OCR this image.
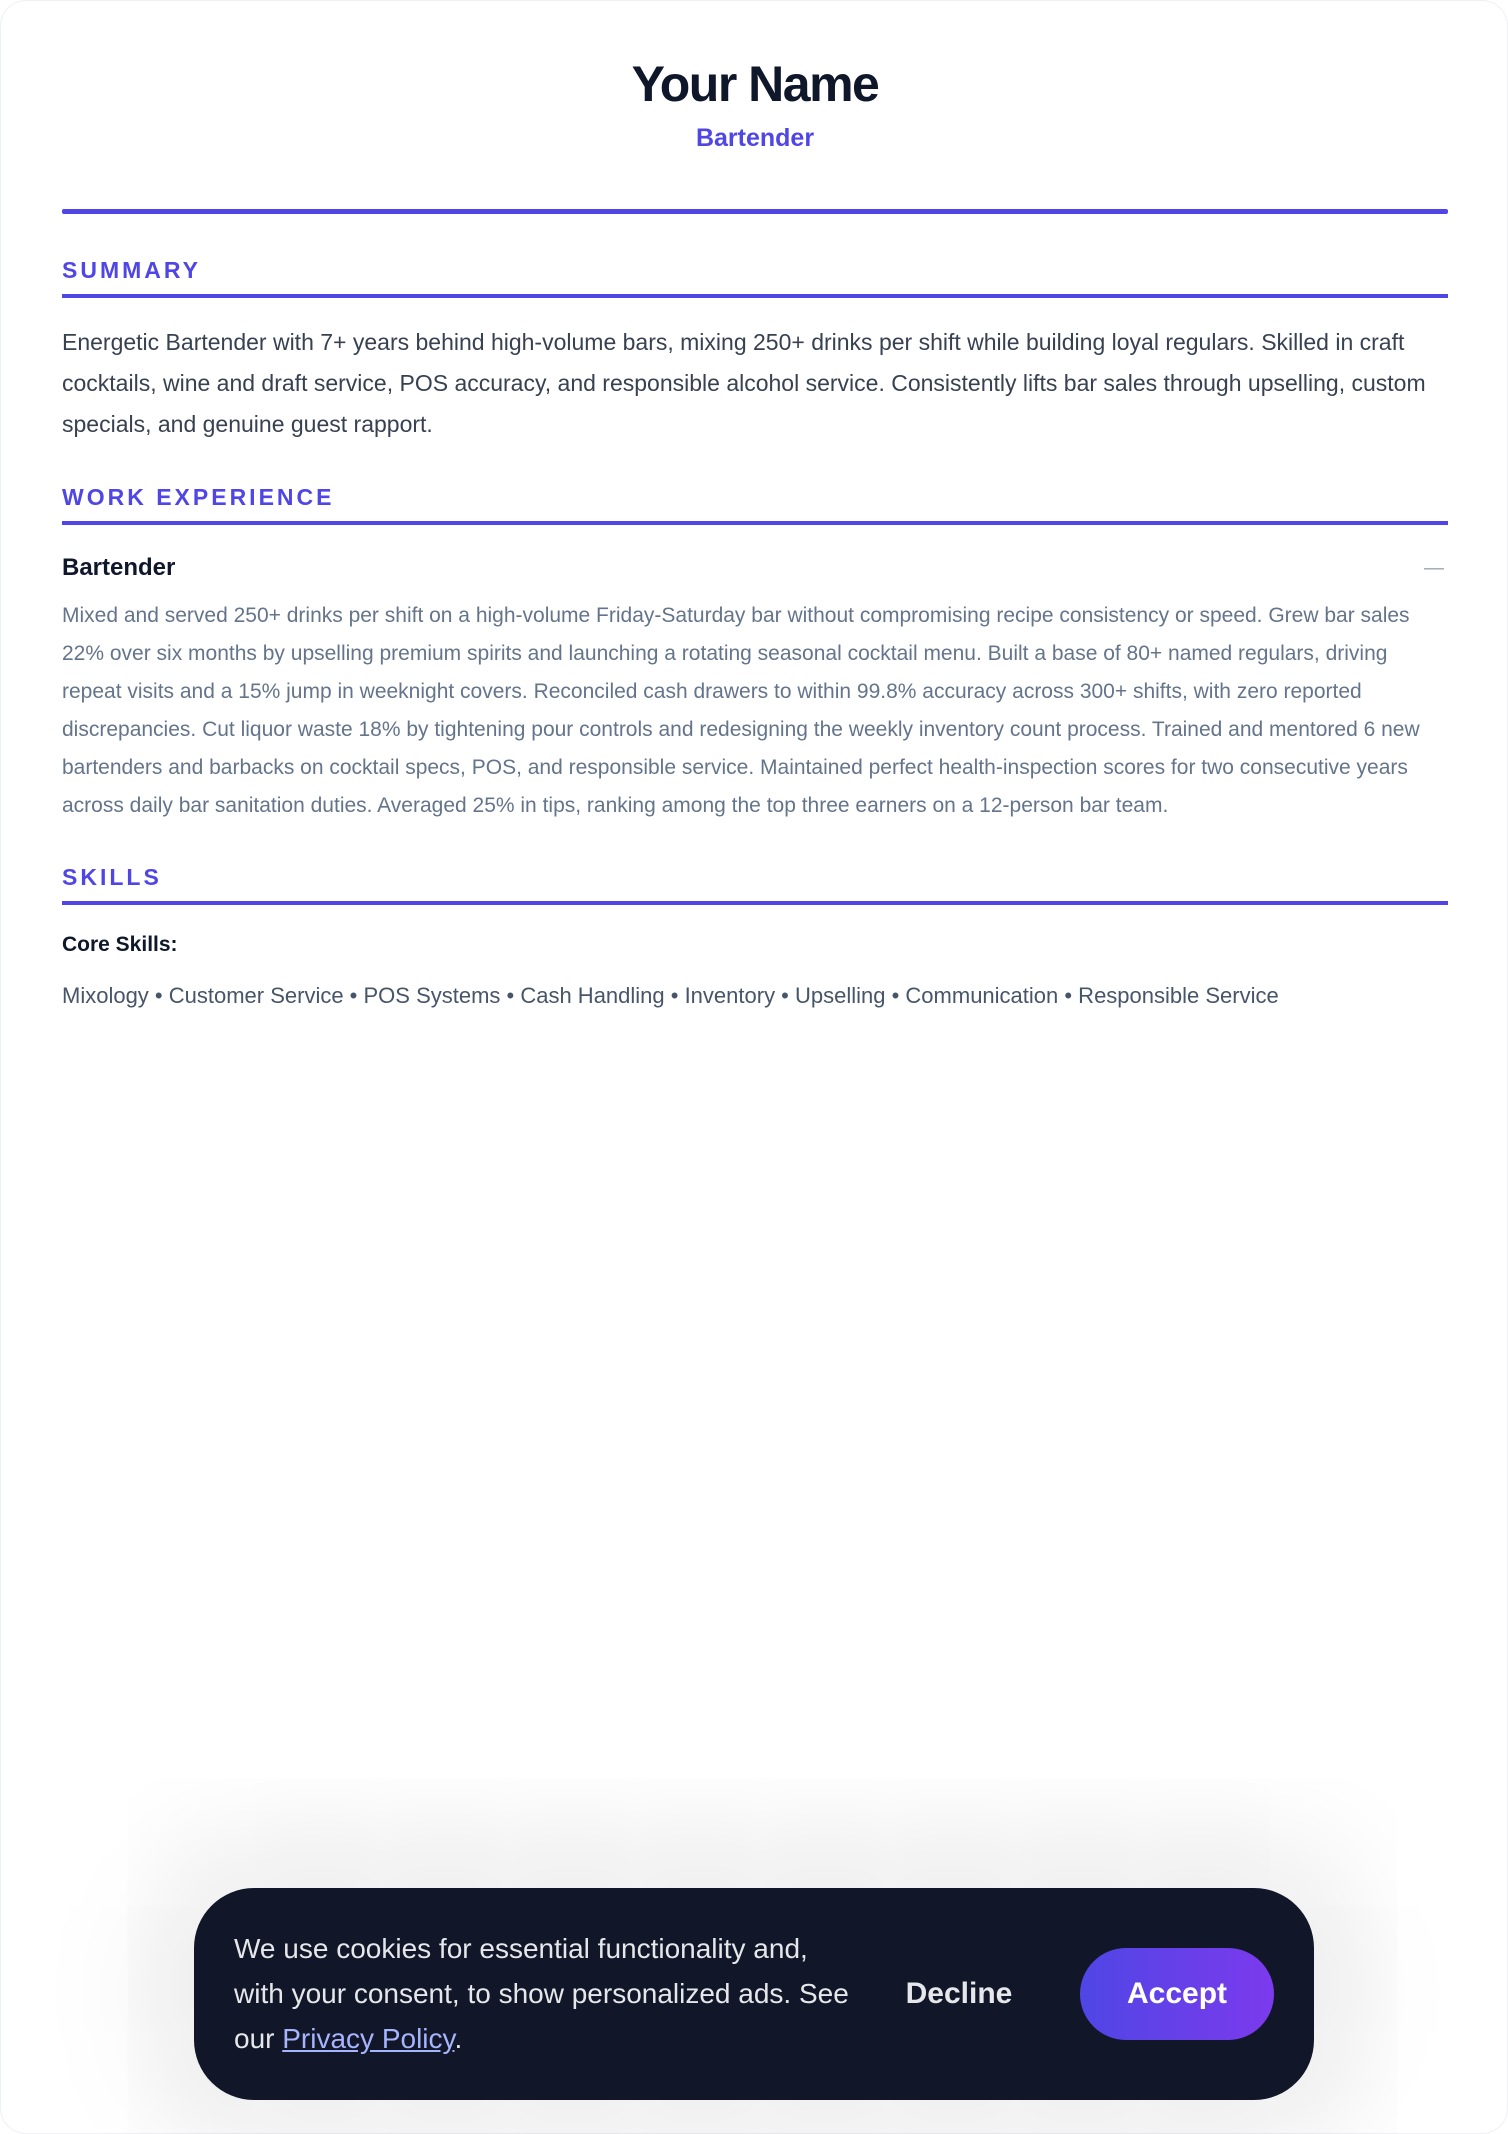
Your Name
Bartender
SUMMARY
Energetic Bartender with 7+ years behind high-volume bars, mixing 250+ drinks per shift while building loyal regulars. Skilled in craft cocktails, wine and draft service, POS accuracy, and responsible alcohol service. Consistently lifts bar sales through upselling, custom specials, and genuine guest rapport.
WORK EXPERIENCE
Bartender	—
Mixed and served 250+ drinks per shift on a high-volume Friday-Saturday bar without compromising recipe consistency or speed. Grew bar sales 22% over six months by upselling premium spirits and launching a rotating seasonal cocktail menu. Built a base of 80+ named regulars, driving repeat visits and a 15% jump in weeknight covers. Reconciled cash drawers to within 99.8% accuracy across 300+ shifts, with zero reported discrepancies. Cut liquor waste 18% by tightening pour controls and redesigning the weekly inventory count process. Trained and mentored 6 new bartenders and barbacks on cocktail specs, POS, and responsible service. Maintained perfect health-inspection scores for two consecutive years across daily bar sanitation duties. Averaged 25% in tips, ranking among the top three earners on a 12-person bar team.
SKILLS
Core Skills:
Mixology • Customer Service • POS Systems • Cash Handling • Inventory • Upselling • Communication • Responsible Service
We use cookies for essential functionality and, with your consent, to show personalized ads. See our Privacy Policy.
Decline	Accept
